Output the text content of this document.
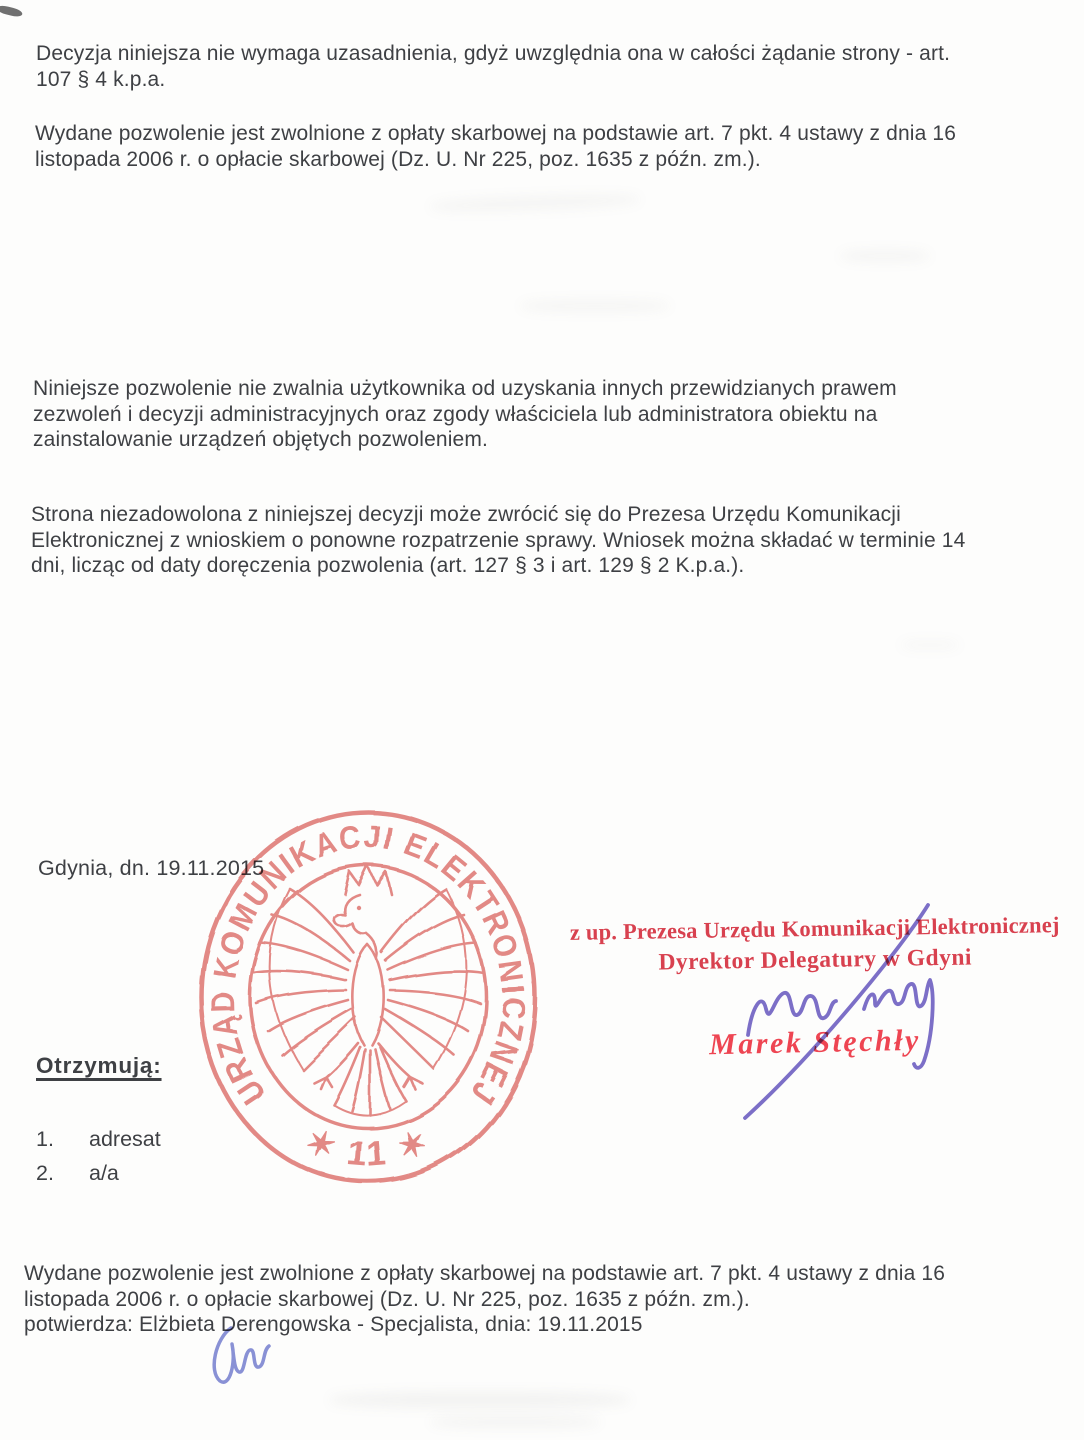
Decyzja niniejsza nie wymaga uzasadnienia, gdyż uwzględnia ona w całości żądanie strony - art.
107 § 4 k.p.a.
Wydane pozwolenie jest zwolnione z opłaty skarbowej na podstawie art. 7 pkt. 4 ustawy z dnia 16
listopada 2006 r. o opłacie skarbowej (Dz. U. Nr 225, poz. 1635 z późn. zm.).
Niniejsze pozwolenie nie zwalnia użytkownika od uzyskania innych przewidzianych prawem
zezwoleń i decyzji administracyjnych oraz zgody właściciela lub administratora obiektu na
zainstalowanie urządzeń objętych pozwoleniem.
Strona niezadowolona z niniejszej decyzji może zwrócić się do Prezesa Urzędu Komunikacji
Elektronicznej z wnioskiem o ponowne rozpatrzenie sprawy. Wniosek można składać w terminie 14
dni, licząc od daty doręczenia pozwolenia (art. 127 § 3 i art. 129 § 2 K.p.a.).
Gdynia, dn. 19.11.2015
URZĄD KOMUNIKACJI ELEKTRONICZNEJ
✶ 11 ✶
z up. Prezesa Urzędu Komunikacji Elektronicznej
Dyrektor Delegatury w Gdyni
Marek Stęchły
Otrzymują:
1. adresat
2. a/a
Wydane pozwolenie jest zwolnione z opłaty skarbowej na podstawie art. 7 pkt. 4 ustawy z dnia 16
listopada 2006 r. o opłacie skarbowej (Dz. U. Nr 225, poz. 1635 z późn. zm.).
potwierdza: Elżbieta Derengowska - Specjalista, dnia: 19.11.2015
